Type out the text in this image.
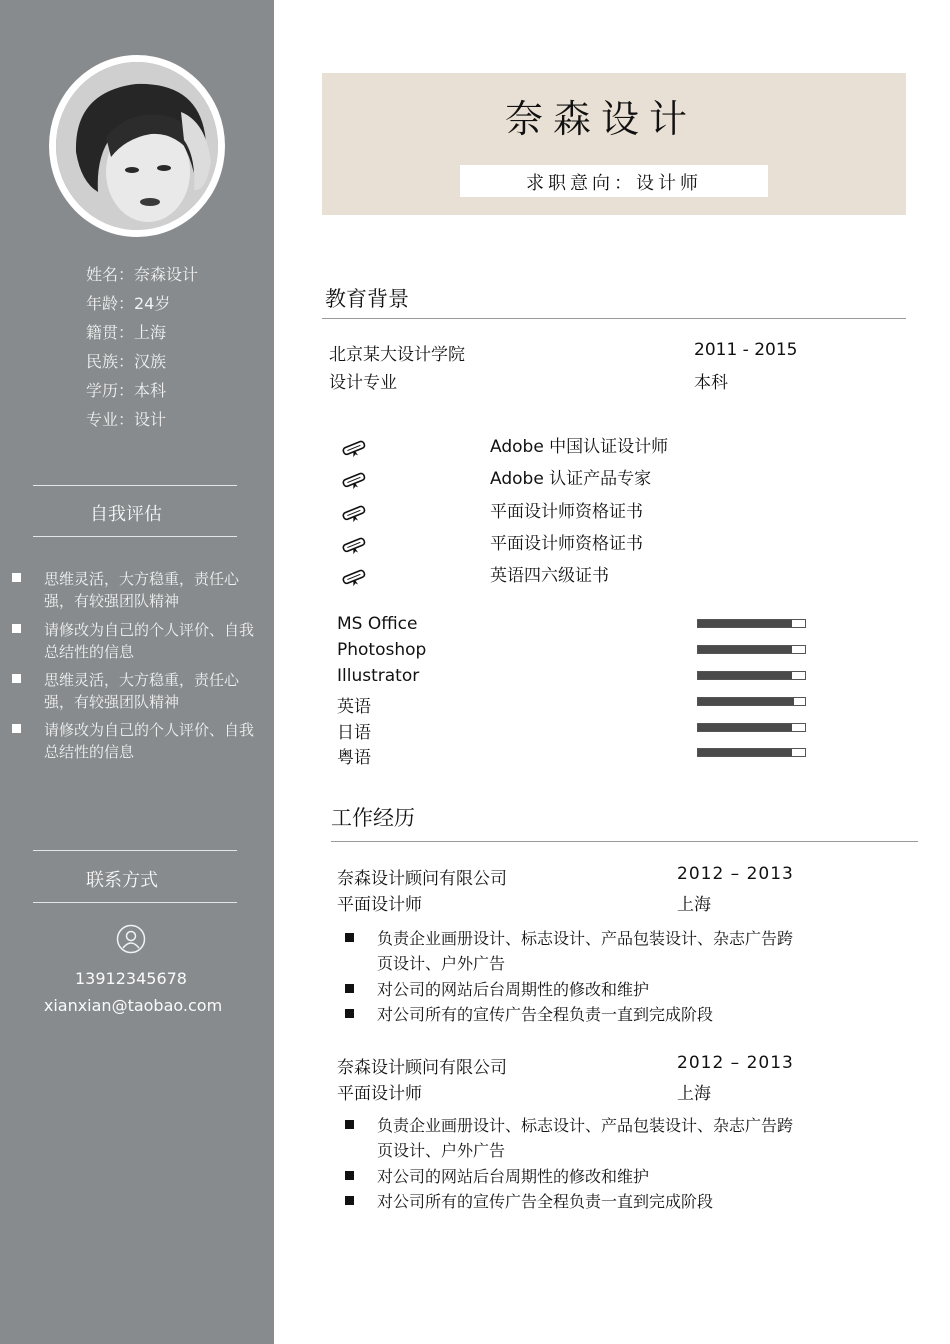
姓名：奈森设计
年龄：24岁
籍贯：上海
民族：汉族
学历：本科
专业：设计
自我评估
思维灵活，大方稳重，责任心强，有较强团队精神
请修改为自己的个人评价、自我总结性的信息
思维灵活，大方稳重，责任心强，有较强团队精神
请修改为自己的个人评价、自我总结性的信息
联系方式
13912345678
xianxian@taobao.com
奈森设计
求职意向：设计师
教育背景
北京某大设计学院	2011 - 2015
设计专业	本科
Adobe 中国认证设计师
Adobe 认证产品专家
平面设计师资格证书
平面设计师资格证书
英语四六级证书
MS Office
Photoshop
Illustrator
英语
日语
粤语
工作经历
奈森设计顾问有限公司	2012 – 2013
平面设计师	上海
负责企业画册设计、标志设计、产品包装设计、杂志广告跨页设计、户外广告
对公司的网站后台周期性的修改和维护
对公司所有的宣传广告全程负责一直到完成阶段
奈森设计顾问有限公司	2012 – 2013
平面设计师	上海
负责企业画册设计、标志设计、产品包装设计、杂志广告跨页设计、户外广告
对公司的网站后台周期性的修改和维护
对公司所有的宣传广告全程负责一直到完成阶段
